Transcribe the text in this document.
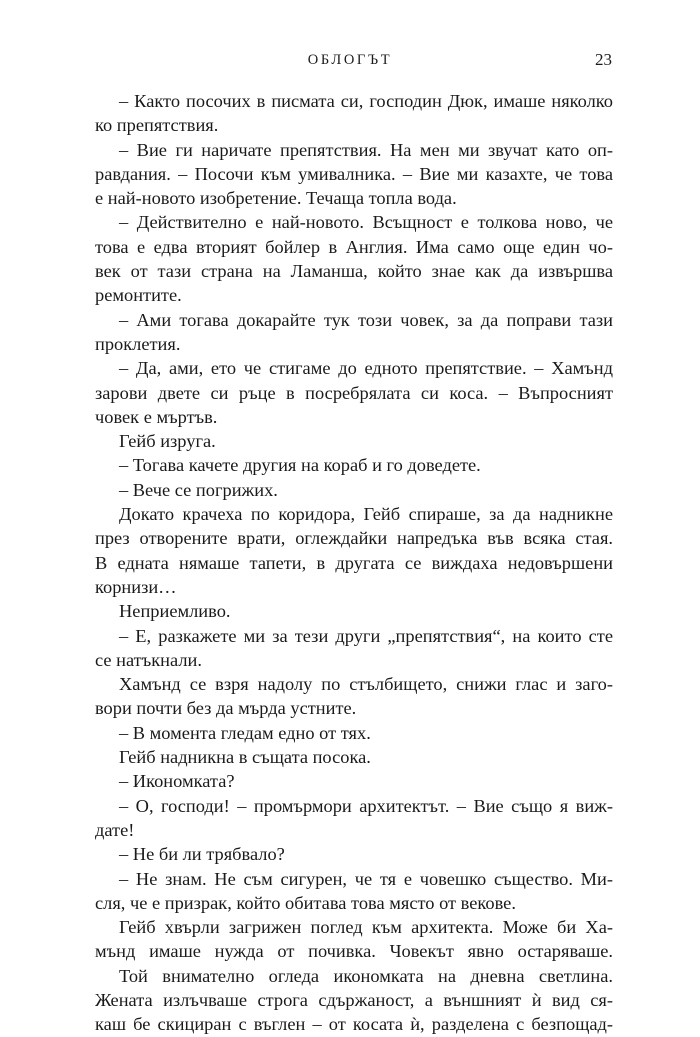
ОБЛОГЪТ	23
– Както посочих в писмата си, господин Дюк, имаше няколко
ко препятствия.
– Вие ги наричате препятствия. На мен ми звучат като оп-
равдания. – Посочи към умивалника. – Вие ми казахте, че това
е най-новото изобретение. Течаща топла вода.
– Действително е най-новото. Всъщност е толкова ново, че
това е едва вторият бойлер в Англия. Има само още един чо-
век от тази страна на Ламанша, който знае как да извършва
ремонтите.
– Ами тогава докарайте тук този човек, за да поправи тази
проклетия.
– Да, ами, ето че стигаме до едното препятствие. – Хамънд
зарови двете си ръце в посребрялата си коса. – Въпросният
човек е мъртъв.
Гейб изруга.
– Тогава качете другия на кораб и го доведете.
– Вече се погрижих.
Докато крачеха по коридора, Гейб спираше, за да надникне
през отворените врати, оглеждайки напредъка във всяка стая.
В едната нямаше тапети, в другата се виждаха недовършени
корнизи…
Неприемливо.
– Е, разкажете ми за тези други „препятствия“, на които сте
се натъкнали.
Хамънд се взря надолу по стълбището, снижи глас и заго-
вори почти без да мърда устните.
– В момента гледам едно от тях.
Гейб надникна в същата посока.
– Икономката?
– О, господи! – промърмори архитектът. – Вие също я виж-
дате!
– Не би ли трябвало?
– Не знам. Не съм сигурен, че тя е човешко същество. Ми-
сля, че е призрак, който обитава това място от векове.
Гейб хвърли загрижен поглед към архитекта. Може би Ха-
мънд имаше нужда от почивка. Човекът явно остаряваше.
Той внимателно огледа икономката на дневна светлина.
Жената излъчваше строга сдържаност, а външният ѝ вид ся-
каш бе скициран с въглен – от косата ѝ, разделена с безпощад-
